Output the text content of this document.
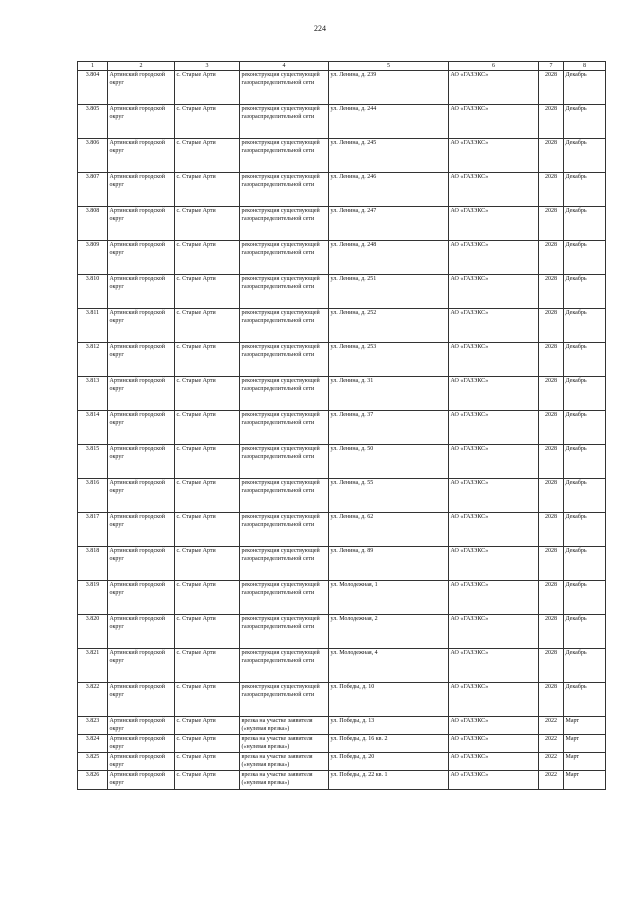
224
1	2	3	4	5	6	7	8
3.804	Артинский городской округ	с. Старые Арти	реконструкция существующей газораспределительной сети	ул. Ленина, д. 239	АО «ГАЗЭКС»	2028	Декабрь
3.805	Артинский городской округ	с. Старые Арти	реконструкция существующей газораспределительной сети	ул. Ленина, д. 244	АО «ГАЗЭКС»	2028	Декабрь
3.806	Артинский городской округ	с. Старые Арти	реконструкция существующей газораспределительной сети	ул. Ленина, д. 245	АО «ГАЗЭКС»	2028	Декабрь
3.807	Артинский городской округ	с. Старые Арти	реконструкция существующей газораспределительной сети	ул. Ленина, д. 246	АО «ГАЗЭКС»	2028	Декабрь
3.808	Артинский городской округ	с. Старые Арти	реконструкция существующей газораспределительной сети	ул. Ленина, д. 247	АО «ГАЗЭКС»	2028	Декабрь
3.809	Артинский городской округ	с. Старые Арти	реконструкция существующей газораспределительной сети	ул. Ленина, д. 248	АО «ГАЗЭКС»	2028	Декабрь
3.810	Артинский городской округ	с. Старые Арти	реконструкция существующей газораспределительной сети	ул. Ленина, д. 251	АО «ГАЗЭКС»	2028	Декабрь
3.811	Артинский городской округ	с. Старые Арти	реконструкция существующей газораспределительной сети	ул. Ленина, д. 252	АО «ГАЗЭКС»	2028	Декабрь
3.812	Артинский городской округ	с. Старые Арти	реконструкция существующей газораспределительной сети	ул. Ленина, д. 253	АО «ГАЗЭКС»	2028	Декабрь
3.813	Артинский городской округ	с. Старые Арти	реконструкция существующей газораспределительной сети	ул. Ленина, д. 31	АО «ГАЗЭКС»	2028	Декабрь
3.814	Артинский городской округ	с. Старые Арти	реконструкция существующей газораспределительной сети	ул. Ленина, д. 37	АО «ГАЗЭКС»	2028	Декабрь
3.815	Артинский городской округ	с. Старые Арти	реконструкция существующей газораспределительной сети	ул. Ленина, д. 50	АО «ГАЗЭКС»	2028	Декабрь
3.816	Артинский городской округ	с. Старые Арти	реконструкция существующей газораспределительной сети	ул. Ленина, д. 55	АО «ГАЗЭКС»	2028	Декабрь
3.817	Артинский городской округ	с. Старые Арти	реконструкция существующей газораспределительной сети	ул. Ленина, д. 62	АО «ГАЗЭКС»	2028	Декабрь
3.818	Артинский городской округ	с. Старые Арти	реконструкция существующей газораспределительной сети	ул. Ленина, д. 89	АО «ГАЗЭКС»	2028	Декабрь
3.819	Артинский городской округ	с. Старые Арти	реконструкция существующей газораспределительной сети	ул. Молодежная, 1	АО «ГАЗЭКС»	2028	Декабрь
3.820	Артинский городской округ	с. Старые Арти	реконструкция существующей газораспределительной сети	ул. Молодежная, 2	АО «ГАЗЭКС»	2028	Декабрь
3.821	Артинский городской округ	с. Старые Арти	реконструкция существующей газораспределительной сети	ул. Молодежная, 4	АО «ГАЗЭКС»	2028	Декабрь
3.822	Артинский городской округ	с. Старые Арти	реконструкция существующей газораспределительной сети	ул. Победы, д. 10	АО «ГАЗЭКС»	2028	Декабрь
3.823	Артинский городской округ	с. Старые Арти	врезка на участке заявителя («нулевая врезка»)	ул. Победы, д. 13	АО «ГАЗЭКС»	2022	Март
3.824	Артинский городской округ	с. Старые Арти	врезка на участке заявителя («нулевая врезка»)	ул. Победы, д. 16 кв. 2	АО «ГАЗЭКС»	2022	Март
3.825	Артинский городской округ	с. Старые Арти	врезка на участке заявителя («нулевая врезка»)	ул. Победы, д. 20	АО «ГАЗЭКС»	2022	Март
3.826	Артинский городской округ	с. Старые Арти	врезка на участке заявителя («нулевая врезка»)	ул. Победы, д. 22 кв. 1	АО «ГАЗЭКС»	2022	Март
